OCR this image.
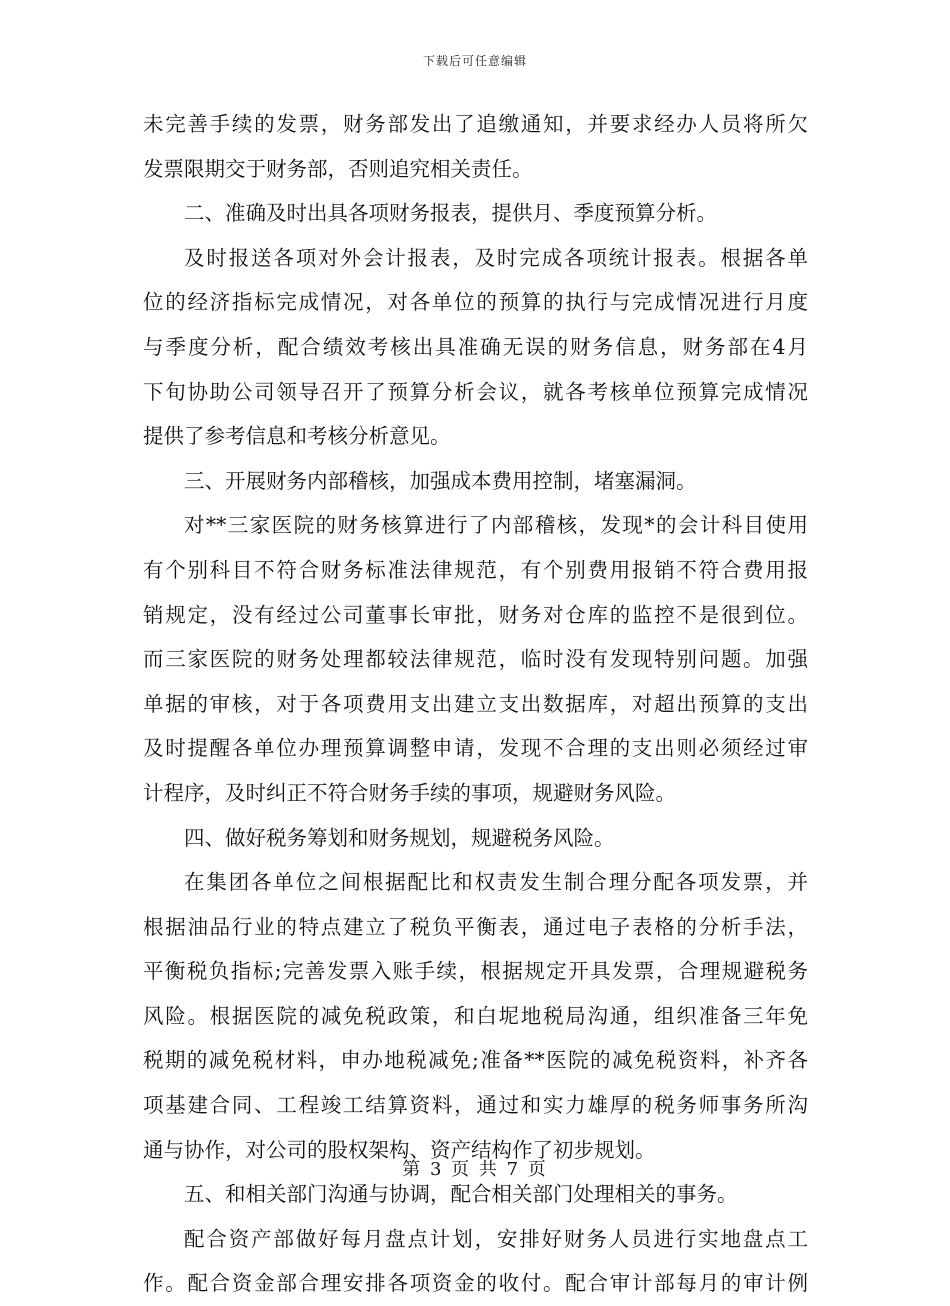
下载后可任意编辑
未完善手续的发票，财务部发出了追缴通知，并要求经办人员将所欠
发票限期交于财务部，否则追究相关责任。
二、准确及时出具各项财务报表，提供月、季度预算分析。
及时报送各项对外会计报表，及时完成各项统计报表。根据各单
位的经济指标完成情况，对各单位的预算的执行与完成情况进行月度
与季度分析，配合绩效考核出具准确无误的财务信息，财务部在4月
下旬协助公司领导召开了预算分析会议，就各考核单位预算完成情况
提供了参考信息和考核分析意见。
三、开展财务内部稽核，加强成本费用控制，堵塞漏洞。
对**三家医院的财务核算进行了内部稽核，发现*的会计科目使用
有个别科目不符合财务标准法律规范，有个别费用报销不符合费用报
销规定，没有经过公司董事长审批，财务对仓库的监控不是很到位。
而三家医院的财务处理都较法律规范，临时没有发现特别问题。加强
单据的审核，对于各项费用支出建立支出数据库，对超出预算的支出
及时提醒各单位办理预算调整申请，发现不合理的支出则必须经过审
计程序，及时纠正不符合财务手续的事项，规避财务风险。
四、做好税务筹划和财务规划，规避税务风险。
在集团各单位之间根据配比和权责发生制合理分配各项发票，并
根据油品行业的特点建立了税负平衡表，通过电子表格的分析手法，
平衡税负指标;完善发票入账手续，根据规定开具发票，合理规避税务
风险。根据医院的减免税政策，和白坭地税局沟通，组织准备三年免
税期的减免税材料，申办地税减免;准备**医院的减免税资料，补齐各
项基建合同、工程竣工结算资料，通过和实力雄厚的税务师事务所沟
通与协作，对公司的股权架构、资产结构作了初步规划。
五、和相关部门沟通与协调，配合相关部门处理相关的事务。
配合资产部做好每月盘点计划，安排好财务人员进行实地盘点工
作。配合资金部合理安排各项资金的收付。配合审计部每月的审计例
第 3 页 共 7 页
